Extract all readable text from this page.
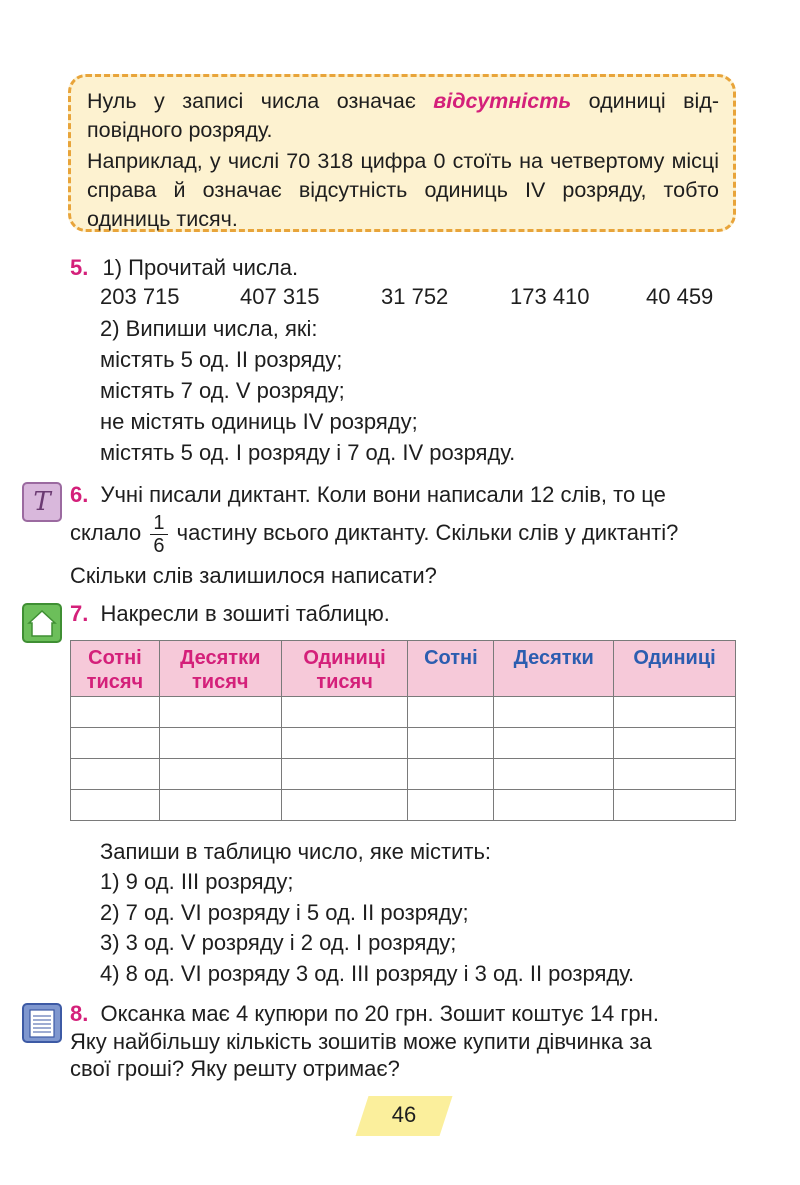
Нуль у записі числа означає відсутність одиниці від-повідного розряду.

Наприклад, у числі 70 318 цифра 0 стоїть на четвертому місці справа й означає відсутність одиниць IV розряду, тобто одиниць тисяч.

5. 1) Прочитай числа.
203 715	407 315	31 752	173 410	40 459
2) Випиши числа, які:
містять 5 од. ІІ розряду;
містять 7 од. V розряду;
не містять одиниць IV розряду;
містять 5 од. І розряду і 7 од. IV розряду.
Т 6. Учні писали диктант. Коли вони написали 12 слів, то це
склало $\frac{1}{6}$ частину всього диктанту. Скільки слів у диктанті?
Скільки слів залишилося написати?
7. Накресли в зошиті таблицю.
Сотні тисяч	Десятки тисяч	Одиниці тисяч	Сотні	Десятки	Одиниці

Запиши в таблицю число, яке містить:
1) 9 од. ІІІ розряду;
2) 7 од. VI розряду і 5 од. ІІ розряду;
3) 3 од. V розряду і 2 од. І розряду;
4) 8 од. VI розряду 3 од. ІІІ розряду і 3 од. ІІ розряду.
8. Оксанка має 4 купюри по 20 грн. Зошит коштує 14 грн.
Яку найбільшу кількість зошитів може купити дівчинка за
свої гроші? Яку решту отримає?
46
